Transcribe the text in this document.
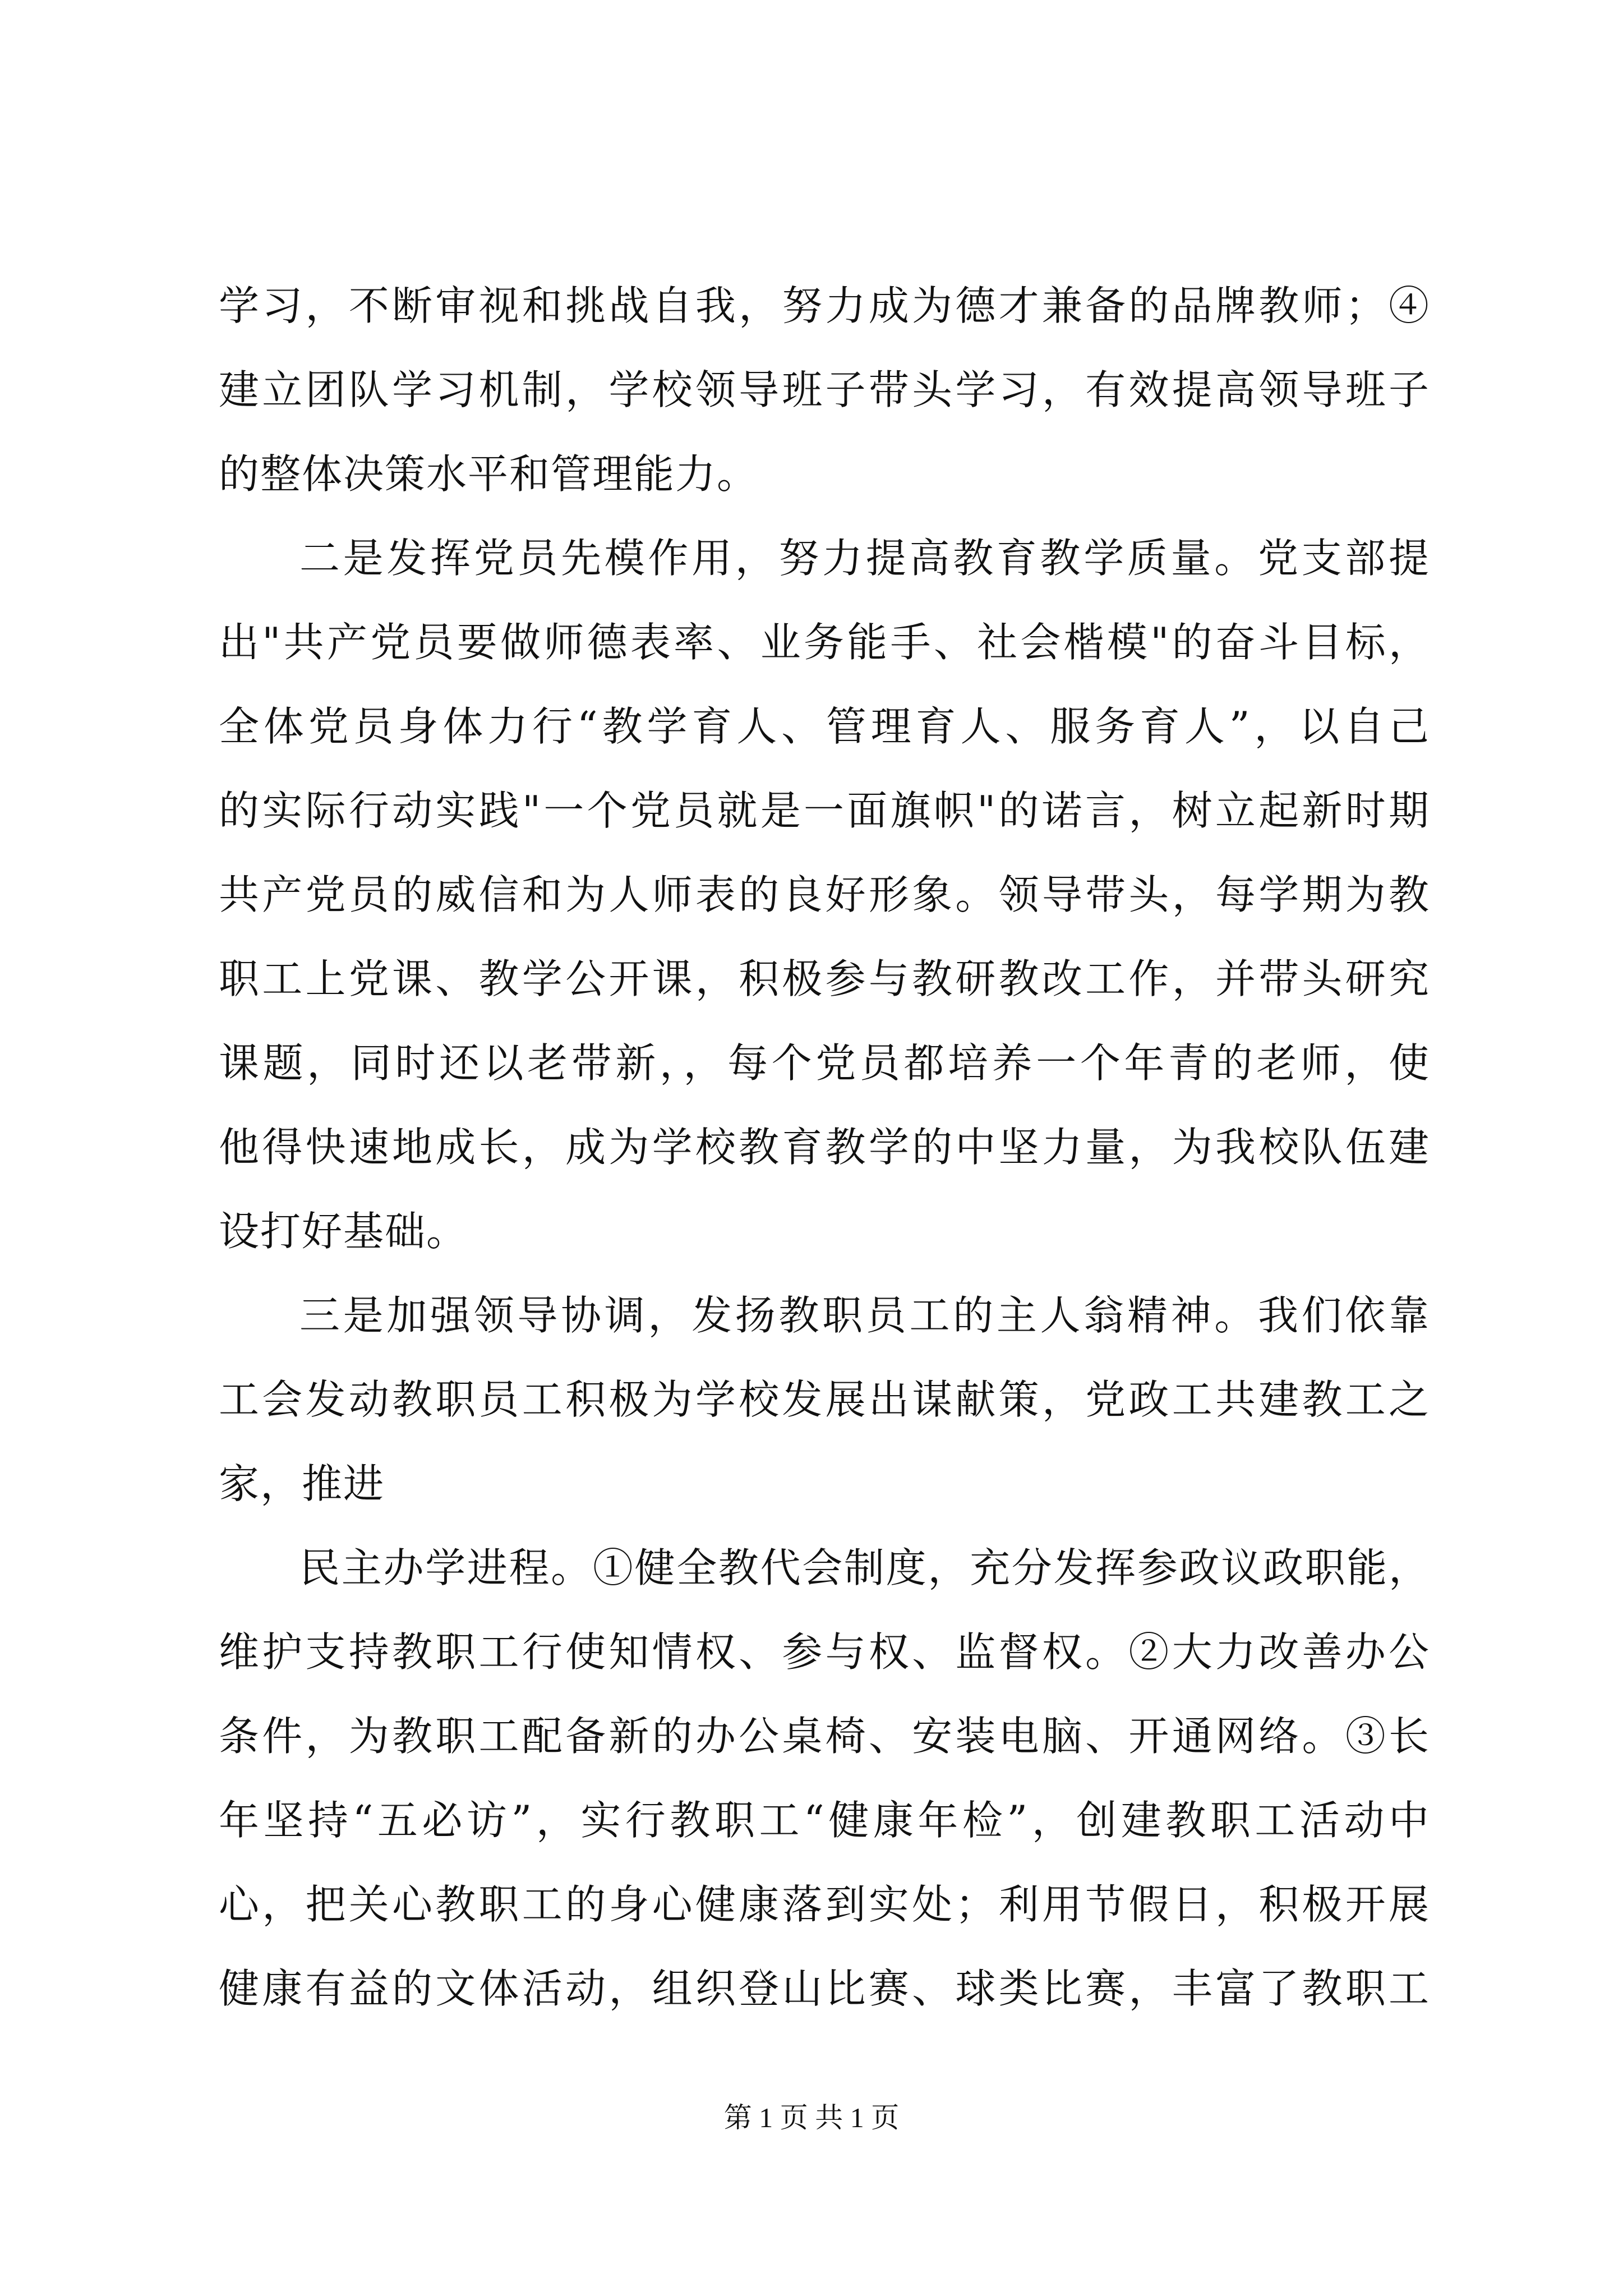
学习，不断审视和挑战自我，努力成为德才兼备的品牌教师；④
建立团队学习机制，学校领导班子带头学习，有效提高领导班子
的整体决策水平和管理能力。
二是发挥党员先模作用，努力提高教育教学质量。党支部提
出"共产党员要做师德表率、业务能手、社会楷模"的奋斗目标，
全体党员身体力行“教学育人、管理育人、服务育人”，以自己
的实际行动实践"一个党员就是一面旗帜"的诺言，树立起新时期
共产党员的威信和为人师表的良好形象。领导带头，每学期为教
职工上党课、教学公开课，积极参与教研教改工作，并带头研究
课题，同时还以老带新，，每个党员都培养一个年青的老师，使
他得快速地成长，成为学校教育教学的中坚力量，为我校队伍建
设打好基础。
三是加强领导协调，发扬教职员工的主人翁精神。我们依靠
工会发动教职员工积极为学校发展出谋献策，党政工共建教工之
家，推进
民主办学进程。①健全教代会制度，充分发挥参政议政职能，
维护支持教职工行使知情权、参与权、监督权。②大力改善办公
条件，为教职工配备新的办公桌椅、安装电脑、开通网络。③长
年坚持“五必访”，实行教职工“健康年检”，创建教职工活动中
心，把关心教职工的身心健康落到实处；利用节假日，积极开展
健康有益的文体活动，组织登山比赛、球类比赛，丰富了教职工
第 1 页 共 1 页
